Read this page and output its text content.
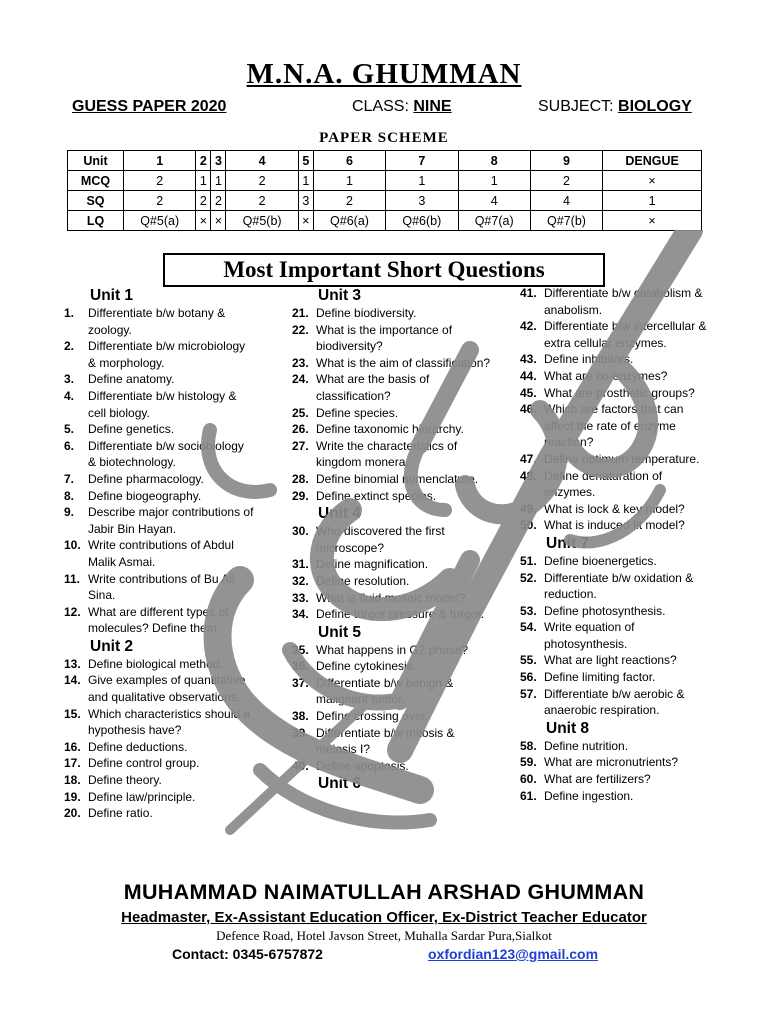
M.N.A. GHUMMAN
GUESS PAPER 2020	CLASS: NINE	SUBJECT: BIOLOGY
PAPER SCHEME
Unit	1	2	3	4	5	6	7	8	9	DENGUE
MCQ	2	1	1	2	1	1	1	1	2	×
SQ	2	2	2	2	3	2	3	4	4	1
LQ	Q#5(a)	×	×	Q#5(b)	×	Q#6(a)	Q#6(b)	Q#7(a)	Q#7(b)	×
Most Important Short Questions
Unit 1
1. Differentiate b/w botany & zoology.
2. Differentiate b/w microbiology & morphology.
3. Define anatomy.
4. Differentiate b/w histology & cell biology.
5. Define genetics.
6. Differentiate b/w sociobiology & biotechnology.
7. Define pharmacology.
8. Define biogeography.
9. Describe major contributions of Jabir Bin Hayan.
10. Write contributions of Abdul Malik Asmai.
11. Write contributions of Bu Ali Sina.
12. What are different types of molecules? Define them.
Unit 2
13. Define biological method.
14. Give examples of quantitative and qualitative observations.
15. Which characteristics should a hypothesis have?
16. Define deductions.
17. Define control group.
18. Define theory.
19. Define law/principle.
20. Define ratio.
Unit 3
21. Define biodiversity.
22. What is the importance of biodiversity?
23. What is the aim of classification?
24. What are the basis of classification?
25. Define species.
26. Define taxonomic hierarchy.
27. Write the characteristics of kingdom monera.
28. Define binomial nomenclature.
29. Define extinct species.
Unit 4
30. Who discovered the first microscope?
31. Define magnification.
32. Define resolution.
33. What is fluid mosaic model?
34. Define turgor pressure & turgor.
Unit 5
35. What happens in G2 phase?
36. Define cytokinesis.
37. Differentiate b/w benign & malignant tumor.
38. Define crossing over.
39. Differentiate b/w mitosis & meiosis I?
40. Define apoptosis.
Unit 6
41. Differentiate b/w catabolism & anabolism.
42. Differentiate b/w intercellular & extra cellular enzymes.
43. Define inhibitors.
44. What are co-enzymes?
45. What are prosthetic groups?
46. Which are factors that can affect the rate of enzyme reaction?
47. Define optimum temperature.
48. Define denaturation of enzymes.
49. What is lock & key model?
50. What is induced fit model?
Unit 7
51. Define bioenergetics.
52. Differentiate b/w oxidation & reduction.
53. Define photosynthesis.
54. Write equation of photosynthesis.
55. What are light reactions?
56. Define limiting factor.
57. Differentiate b/w aerobic & anaerobic respiration.
Unit 8
58. Define nutrition.
59. What are micronutrients?
60. What are fertilizers?
61. Define ingestion.
MUHAMMAD NAIMATULLAH ARSHAD GHUMMAN
Headmaster, Ex-Assistant Education Officer, Ex-District Teacher Educator
Defence Road, Hotel Javson Street, Muhalla Sardar Pura,Sialkot
Contact: 0345-6757872	oxfordian123@gmail.com
